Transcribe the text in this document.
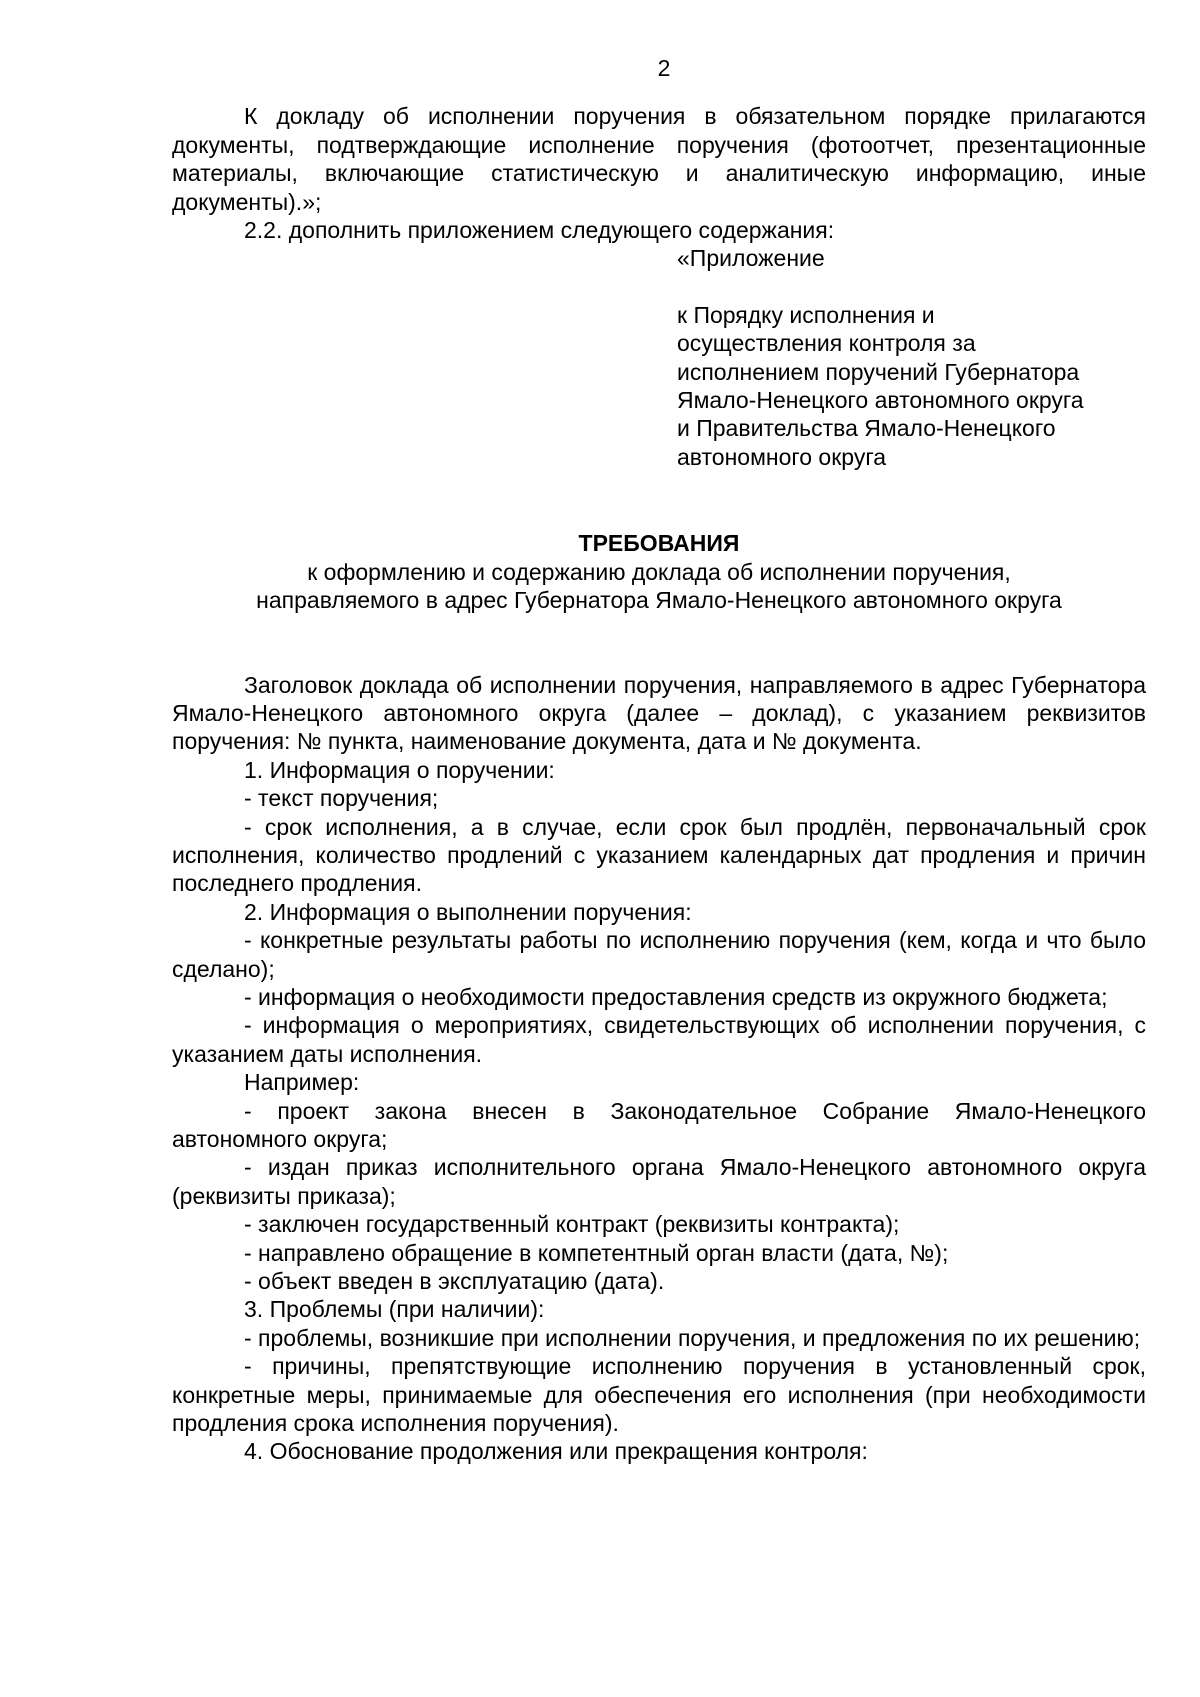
2

К докладу об исполнении поручения в обязательном порядке прилагаются документы, подтверждающие исполнение поручения (фотоотчет, презентационные материалы, включающие статистическую и аналитическую информацию, иные документы).»;

2.2. дополнить приложением следующего содержания:

«Приложение

к Порядку исполнения и

осуществления контроля за

исполнением поручений Губернатора

Ямало-Ненецкого автономного округа

и Правительства Ямало-Ненецкого

автономного округа

ТРЕБОВАНИЯ

к оформлению и содержанию доклада об исполнении поручения,

направляемого в адрес Губернатора Ямало-Ненецкого автономного округа

Заголовок доклада об исполнении поручения, направляемого в адрес Губернатора Ямало-Ненецкого автономного округа (далее – доклад), с указанием реквизитов поручения: № пункта, наименование документа, дата и № документа.

1. Информация о поручении:

- текст поручения;

- срок исполнения, а в случае, если срок был продлён, первоначальный срок исполнения, количество продлений с указанием календарных дат продления и причин последнего продления.

2. Информация о выполнении поручения:

- конкретные результаты работы по исполнению поручения (кем, когда и что было сделано);

- информация о необходимости предоставления средств из окружного бюджета;

- информация о мероприятиях, свидетельствующих об исполнении поручения, с указанием даты исполнения.

Например:

- проект закона внесен в Законодательное Собрание Ямало-Ненецкого автономного округа;

- издан приказ исполнительного органа Ямало-Ненецкого автономного округа (реквизиты приказа);

- заключен государственный контракт (реквизиты контракта);

- направлено обращение в компетентный орган власти (дата, №);

- объект введен в эксплуатацию (дата).

3. Проблемы (при наличии):

- проблемы, возникшие при исполнении поручения, и предложения по их решению;

- причины, препятствующие исполнению поручения в установленный срок, конкретные меры, принимаемые для обеспечения его исполнения (при необходимости продления срока исполнения поручения).

4. Обоснование продолжения или прекращения контроля:
